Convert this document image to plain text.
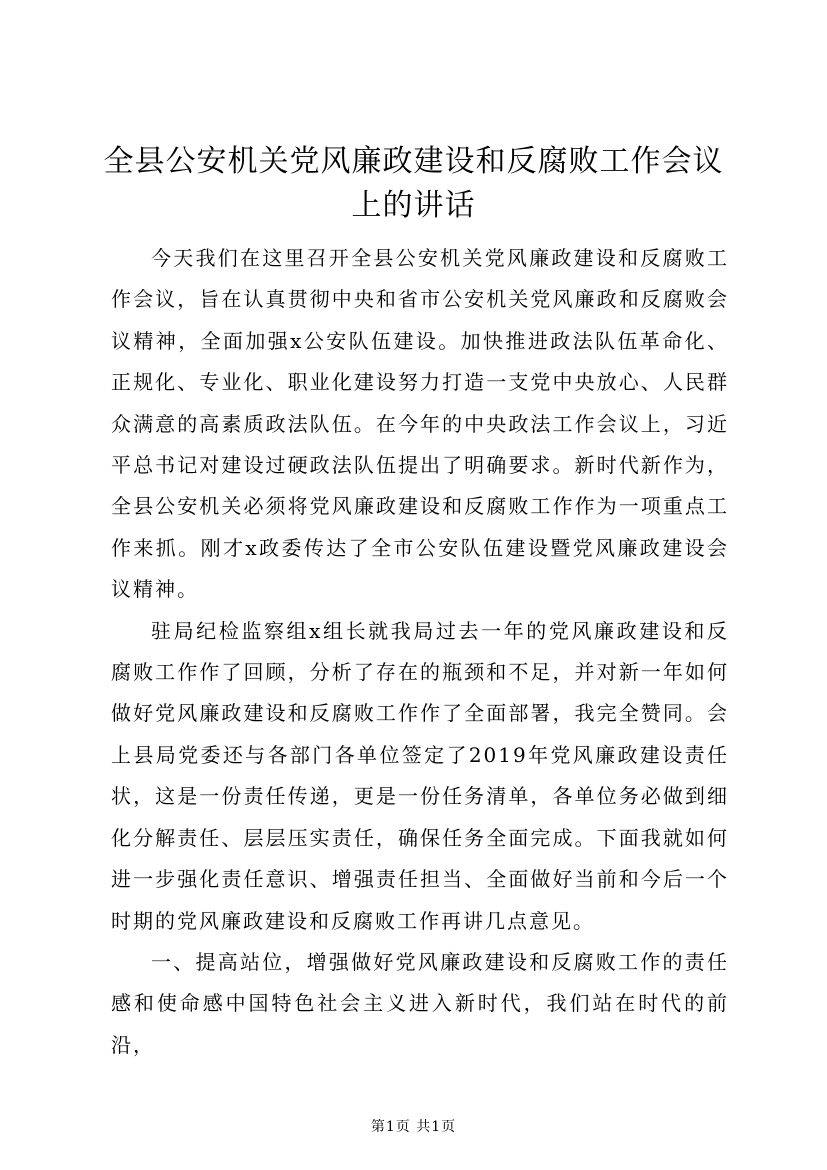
全县公安机关党风廉政建设和反腐败工作会议上的讲话

今天我们在这里召开全县公安机关党风廉政建设和反腐败工作会议，旨在认真贯彻中央和省市公安机关党风廉政和反腐败会议精神，全面加强x公安队伍建设。加快推进政法队伍革命化、正规化、专业化、职业化建设努力打造一支党中央放心、人民群众满意的高素质政法队伍。在今年的中央政法工作会议上，习近平总书记对建设过硬政法队伍提出了明确要求。新时代新作为，全县公安机关必须将党风廉政建设和反腐败工作作为一项重点工作来抓。刚才x政委传达了全市公安队伍建设暨党风廉政建设会议精神。

驻局纪检监察组x组长就我局过去一年的党风廉政建设和反腐败工作作了回顾，分析了存在的瓶颈和不足，并对新一年如何做好党风廉政建设和反腐败工作作了全面部署，我完全赞同。会上县局党委还与各部门各单位签定了2019年党风廉政建设责任状，这是一份责任传递，更是一份任务清单，各单位务必做到细化分解责任、层层压实责任，确保任务全面完成。下面我就如何进一步强化责任意识、增强责任担当、全面做好当前和今后一个时期的党风廉政建设和反腐败工作再讲几点意见。

一、提高站位，增强做好党风廉政建设和反腐败工作的责任感和使命感中国特色社会主义进入新时代，我们站在时代的前沿，

第1页 共1页
